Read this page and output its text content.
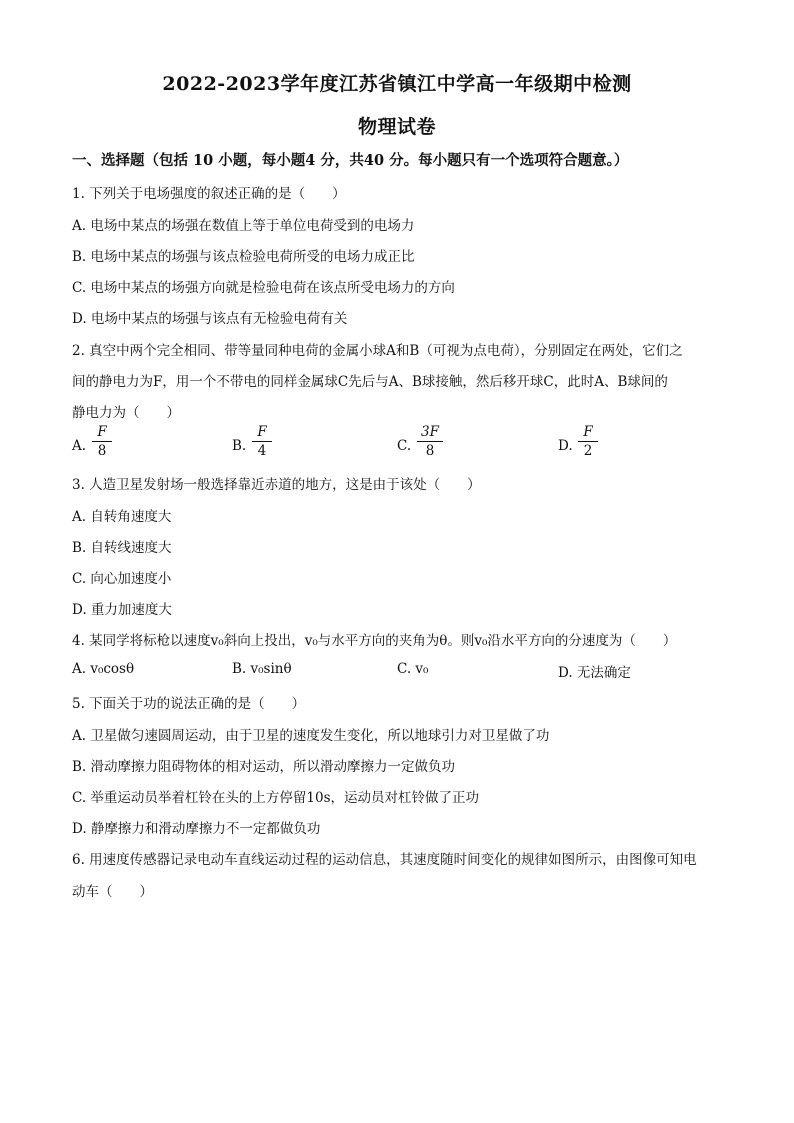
2022-2023学年度江苏省镇江中学高一年级期中检测
物理试卷
一、选择题（包括 10 小题，每小题4 分，共40 分。每小题只有一个选项符合题意。）
1. 下列关于电场强度的叙述正确的是（　　）
A. 电场中某点的场强在数值上等于单位电荷受到的电场力
B. 电场中某点的场强与该点检验电荷所受的电场力成正比
C. 电场中某点的场强方向就是检验电荷在该点所受电场力的方向
D. 电场中某点的场强与该点有无检验电荷有关
2. 真空中两个完全相同、带等量同种电荷的金属小球A和B（可视为点电荷），分别固定在两处，它们之
间的静电力为F，用一个不带电的同样金属球C先后与A、B球接触，然后移开球C，此时A、B球间的
静电力为（　　）
A.
F
8	B.
F
4	C.
3F
8	D.
F
2
3. 人造卫星发射场一般选择靠近赤道的地方，这是由于该处（　　）
A. 自转角速度大
B. 自转线速度大
C. 向心加速度小
D. 重力加速度大
4. 某同学将标枪以速度v₀斜向上投出，v₀与水平方向的夹角为θ。则v₀沿水平方向的分速度为（　　）
A. v₀cosθ	B. v₀sinθ	C. v₀	D. 无法确定
5. 下面关于功的说法正确的是（　　）
A. 卫星做匀速圆周运动，由于卫星的速度发生变化，所以地球引力对卫星做了功
B. 滑动摩擦力阻碍物体的相对运动，所以滑动摩擦力一定做负功
C. 举重运动员举着杠铃在头的上方停留10s，运动员对杠铃做了正功
D. 静摩擦力和滑动摩擦力不一定都做负功
6. 用速度传感器记录电动车直线运动过程的运动信息，其速度随时间变化的规律如图所示，由图像可知电
动车（　　）
